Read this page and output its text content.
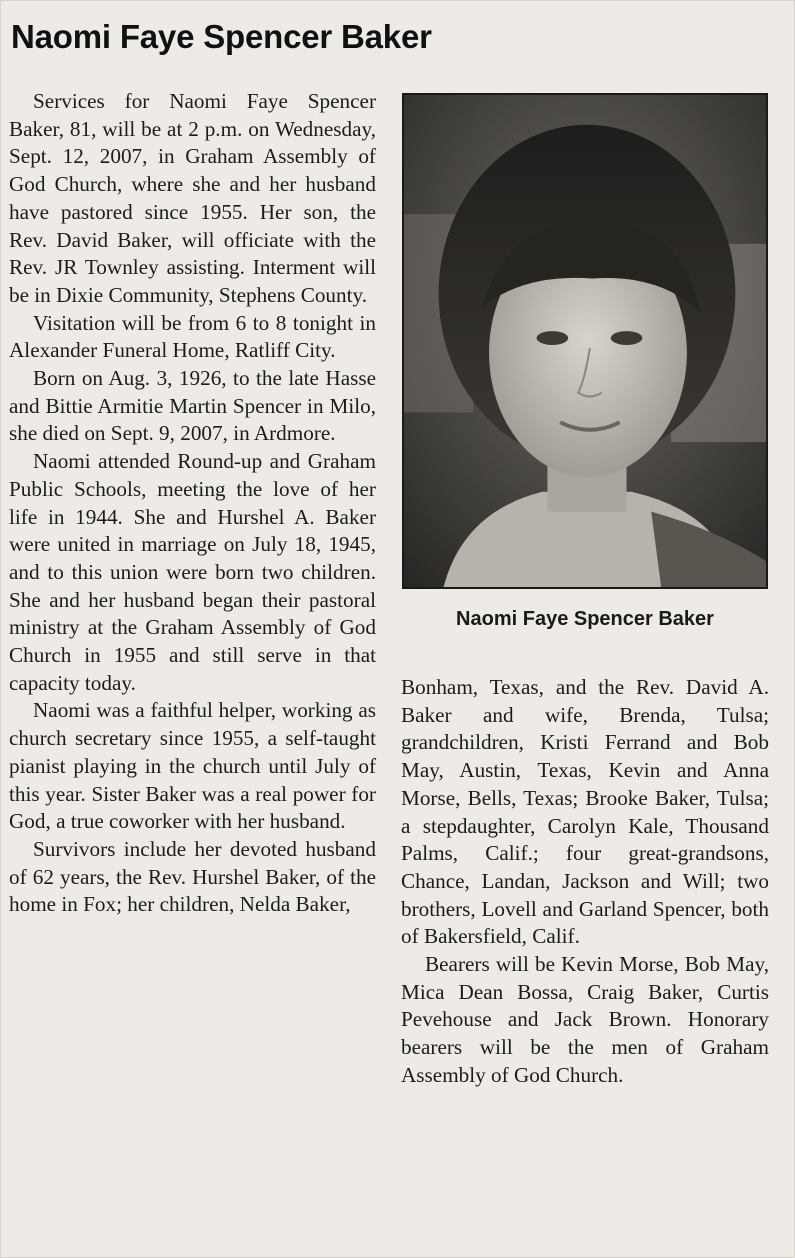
Naomi Faye Spencer Baker

Services for Naomi Faye Spencer Baker, 81, will be at 2 p.m. on Wednesday, Sept. 12, 2007, in Graham Assembly of God Church, where she and her husband have pastored since 1955. Her son, the Rev. David Baker, will officiate with the Rev. JR Townley assisting. Interment will be in Dixie Community, Stephens County.

Visitation will be from 6 to 8 tonight in Alexander Funeral Home, Ratliff City.

Born on Aug. 3, 1926, to the late Hasse and Bittie Armitie Martin Spencer in Milo, she died on Sept. 9, 2007, in Ardmore.

Naomi attended Round-up and Graham Public Schools, meeting the love of her life in 1944. She and Hurshel A. Baker were united in marriage on July 18, 1945, and to this union were born two children. She and her husband began their pastoral ministry at the Graham Assembly of God Church in 1955 and still serve in that capacity today.

Naomi was a faithful helper, working as church secretary since 1955, a self-taught pianist playing in the church until July of this year. Sister Baker was a real power for God, a true coworker with her husband.

Survivors include her devoted husband of 62 years, the Rev. Hurshel Baker, of the home in Fox; her children, Nelda Baker,

Naomi Faye Spencer Baker

Bonham, Texas, and the Rev. David A. Baker and wife, Brenda, Tulsa; grandchildren, Kristi Ferrand and Bob May, Austin, Texas, Kevin and Anna Morse, Bells, Texas; Brooke Baker, Tulsa; a stepdaughter, Carolyn Kale, Thousand Palms, Calif.; four great-grandsons, Chance, Landan, Jackson and Will; two brothers, Lovell and Garland Spencer, both of Bakersfield, Calif.

Bearers will be Kevin Morse, Bob May, Mica Dean Bossa, Craig Baker, Curtis Pevehouse and Jack Brown. Honorary bearers will be the men of Graham Assembly of God Church.
